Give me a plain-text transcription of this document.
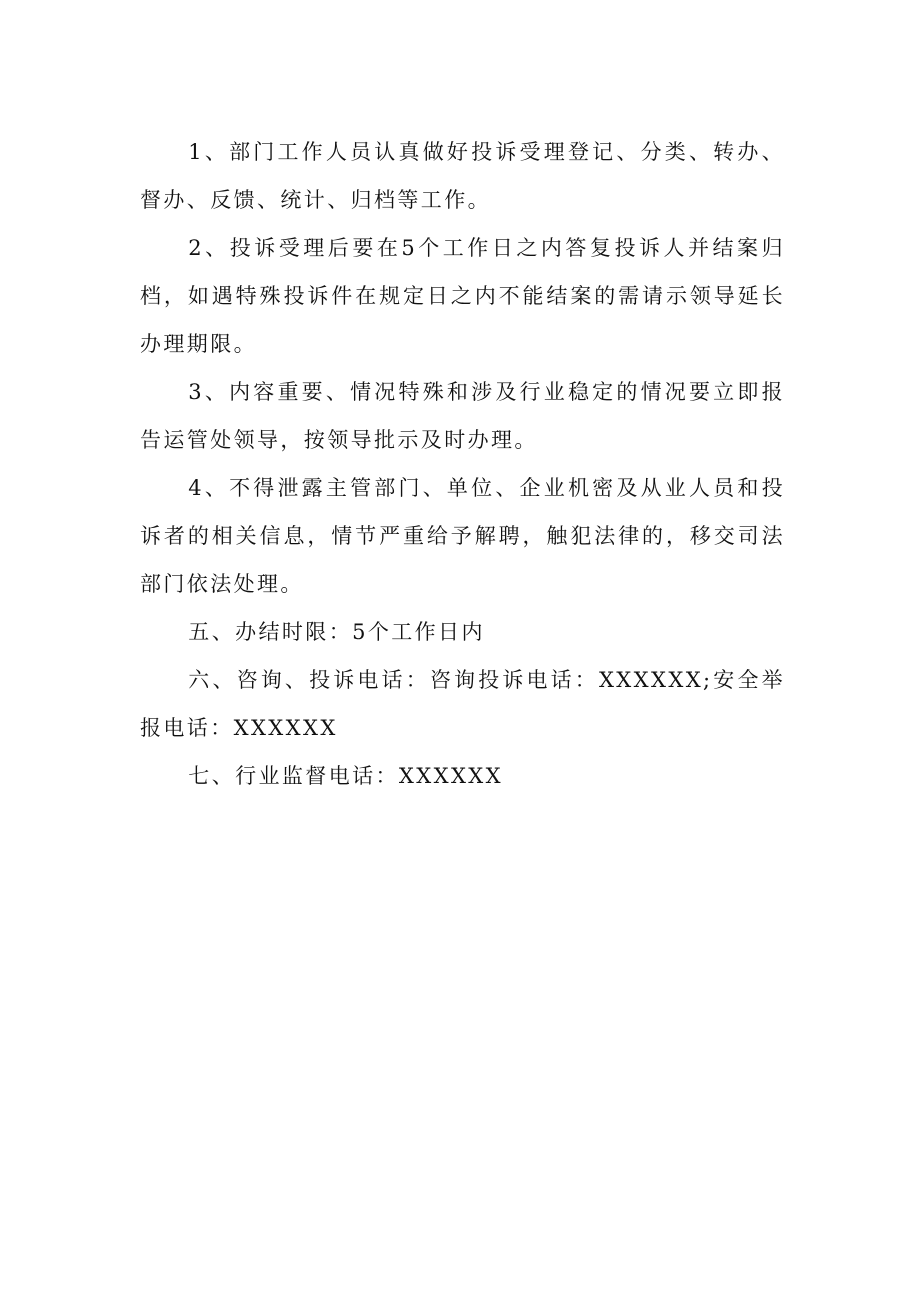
1、部门工作人员认真做好投诉受理登记、分类、转办、督办、反馈、统计、归档等工作。

2、投诉受理后要在5个工作日之内答复投诉人并结案归档，如遇特殊投诉件在规定日之内不能结案的需请示领导延长办理期限。

3、内容重要、情况特殊和涉及行业稳定的情况要立即报告运管处领导，按领导批示及时办理。

4、不得泄露主管部门、单位、企业机密及从业人员和投诉者的相关信息，情节严重给予解聘，触犯法律的，移交司法部门依法处理。

五、办结时限：5个工作日内

六、咨询、投诉电话：咨询投诉电话：XXXXXX;安全举报电话：XXXXXX

七、行业监督电话：XXXXXX
